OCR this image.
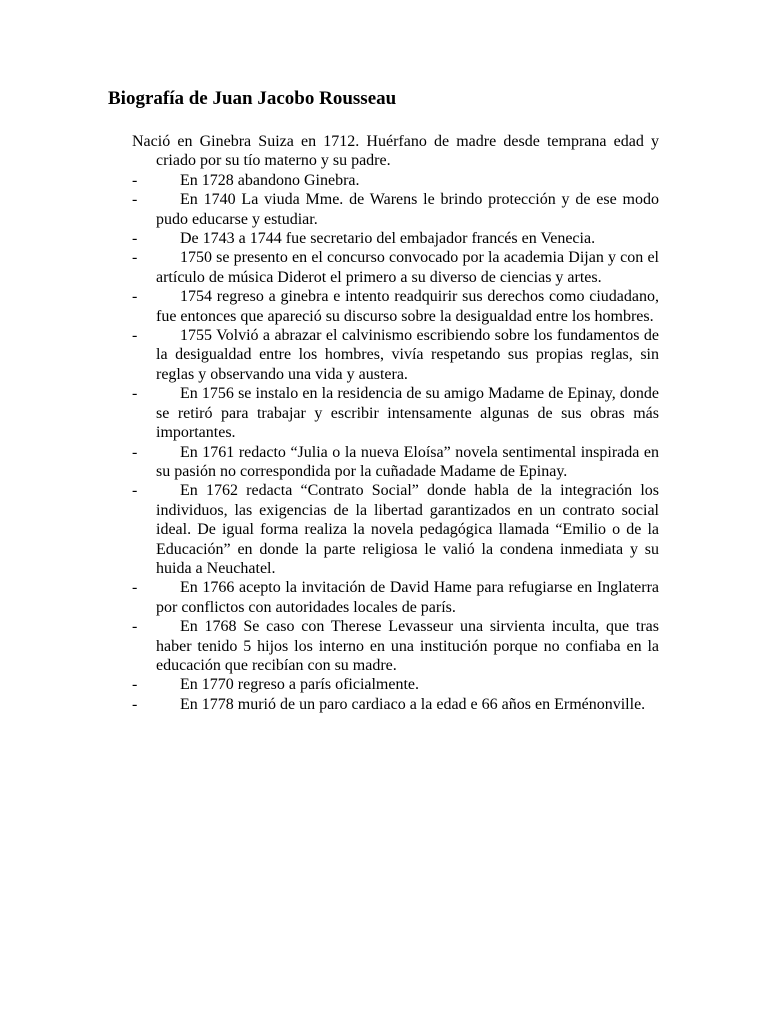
Biografía de Juan Jacobo Rousseau

Nació en Ginebra Suiza en 1712. Huérfano de madre desde temprana edad y criado por su tío materno y su padre.

- En 1728 abandono Ginebra.
- En 1740 La viuda Mme. de Warens le brindo protección y de ese modo pudo educarse y estudiar.
- De 1743 a 1744 fue secretario del embajador francés en Venecia.
- 1750 se presento en el concurso convocado por la academia Dijan y con el artículo de música Diderot el primero a su diverso de ciencias y artes.
- 1754 regreso a ginebra e intento readquirir sus derechos como ciudadano, fue entonces que apareció su discurso sobre la desigualdad entre los hombres.
- 1755 Volvió a abrazar el calvinismo escribiendo sobre los fundamentos de la desigualdad entre los hombres, vivía respetando sus propias reglas, sin reglas y observando una vida y austera.
- En 1756 se instalo en la residencia de su amigo Madame de Epinay, donde se retiró para trabajar y escribir intensamente algunas de sus obras más importantes.
- En 1761 redacto “Julia o la nueva Eloísa” novela sentimental inspirada en su pasión no correspondida por la cuñadade Madame de Epinay.
- En 1762 redacta “Contrato Social” donde habla de la integración los individuos, las exigencias de la libertad garantizados en un contrato social ideal. De igual forma realiza la novela pedagógica llamada “Emilio o de la Educación” en donde la parte religiosa le valió la condena inmediata y su huida a Neuchatel.
- En 1766 acepto la invitación de David Hame para refugiarse en Inglaterra por conflictos con autoridades locales de parís.
- En 1768 Se caso con Therese Levasseur una sirvienta inculta, que tras haber tenido 5 hijos los interno en una institución porque no confiaba en la educación que recibían con su madre.
- En 1770 regreso a parís oficialmente.
- En 1778 murió de un paro cardiaco a la edad e 66 años en Erménonville.
